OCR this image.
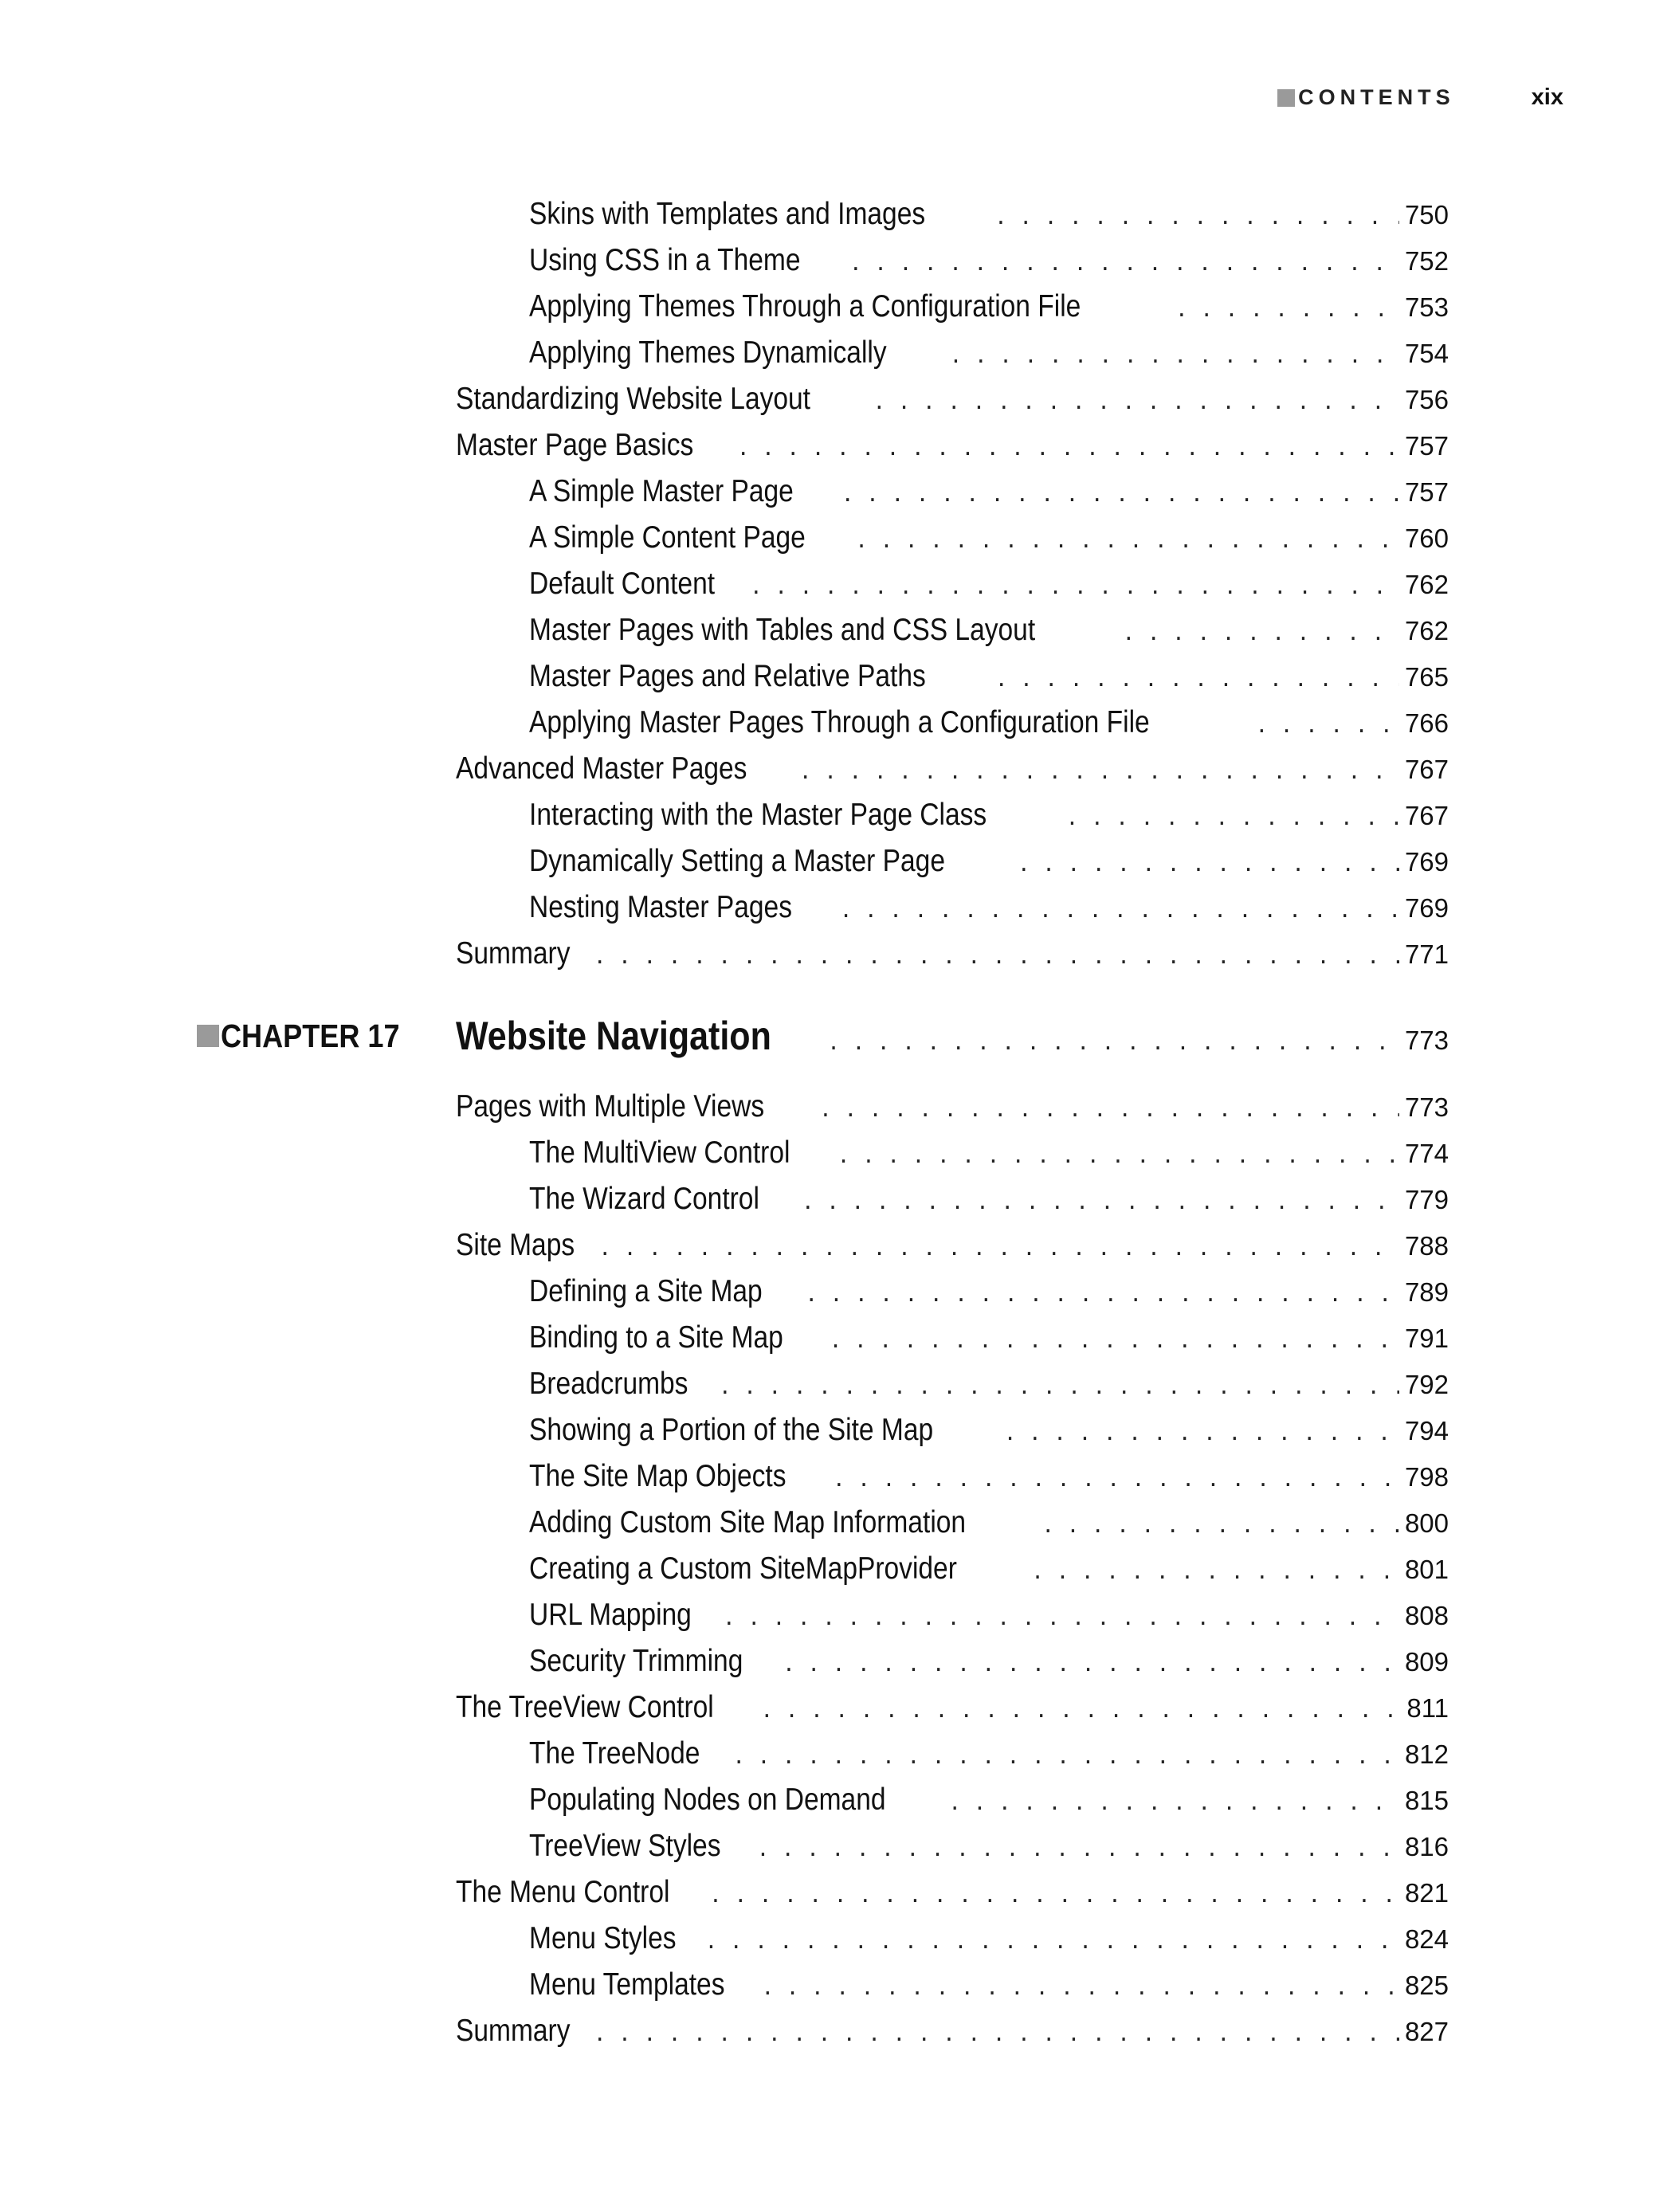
CONTENTS	xix
Skins with Templates and Images . . .	750
Using CSS in a Theme . . .	752
Applying Themes Through a Configuration File . . .	753
Applying Themes Dynamically . . .	754
Standardizing Website Layout . . .	756
Master Page Basics . . .	757
A Simple Master Page . . .	757
A Simple Content Page . . .	760
Default Content . . .	762
Master Pages with Tables and CSS Layout . . .	762
Master Pages and Relative Paths . . .	765
Applying Master Pages Through a Configuration File . . .	766
Advanced Master Pages . . .	767
Interacting with the Master Page Class . . .	767
Dynamically Setting a Master Page . . .	769
Nesting Master Pages . . .	769
Summary . . .	771
CHAPTER 17 Website Navigation . . .	773
Pages with Multiple Views . . .	773
The MultiView Control . . .	774
The Wizard Control . . .	779
Site Maps . . .	788
Defining a Site Map . . .	789
Binding to a Site Map . . .	791
Breadcrumbs . . .	792
Showing a Portion of the Site Map . . .	794
The Site Map Objects . . .	798
Adding Custom Site Map Information . . .	800
Creating a Custom SiteMapProvider . . .	801
URL Mapping . . .	808
Security Trimming . . .	809
The TreeView Control . . .	811
The TreeNode . . .	812
Populating Nodes on Demand . . .	815
TreeView Styles . . .	816
The Menu Control . . .	821
Menu Styles . . .	824
Menu Templates . . .	825
Summary . . .	827
